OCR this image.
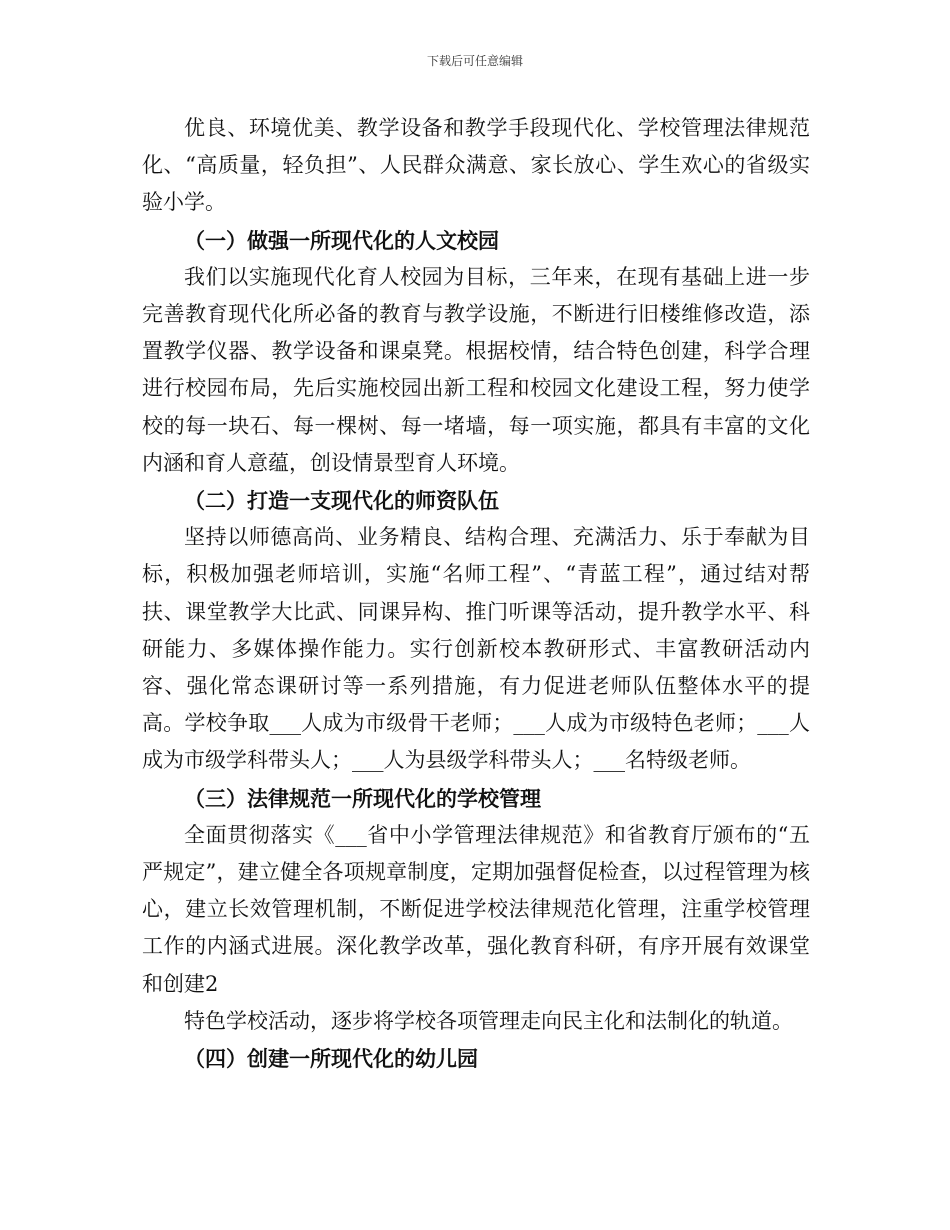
下载后可任意编辑

优良、环境优美、教学设备和教学手段现代化、学校管理法律规范化、“高质量，轻负担”、人民群众满意、家长放心、学生欢心的省级实验小学。

（一）做强一所现代化的人文校园

我们以实施现代化育人校园为目标，三年来，在现有基础上进一步完善教育现代化所必备的教育与教学设施，不断进行旧楼维修改造，添置教学仪器、教学设备和课桌凳。根据校情，结合特色创建，科学合理进行校园布局，先后实施校园出新工程和校园文化建设工程，努力使学校的每一块石、每一棵树、每一堵墙，每一项实施，都具有丰富的文化内涵和育人意蕴，创设情景型育人环境。

（二）打造一支现代化的师资队伍

坚持以师德高尚、业务精良、结构合理、充满活力、乐于奉献为目标，积极加强老师培训，实施“名师工程”、“青蓝工程”，通过结对帮扶、课堂教学大比武、同课异构、推门听课等活动，提升教学水平、科研能力、多媒体操作能力。实行创新校本教研形式、丰富教研活动内容、强化常态课研讨等一系列措施，有力促进老师队伍整体水平的提高。学校争取___人成为市级骨干老师；___人成为市级特色老师；___人成为市级学科带头人；___人为县级学科带头人；___名特级老师。

（三）法律规范一所现代化的学校管理

全面贯彻落实《___省中小学管理法律规范》和省教育厅颁布的“五严规定”，建立健全各项规章制度，定期加强督促检查，以过程管理为核心，建立长效管理机制，不断促进学校法律规范化管理，注重学校管理工作的内涵式进展。深化教学改革，强化教育科研，有序开展有效课堂和创建2

特色学校活动，逐步将学校各项管理走向民主化和法制化的轨道。

（四）创建一所现代化的幼儿园
